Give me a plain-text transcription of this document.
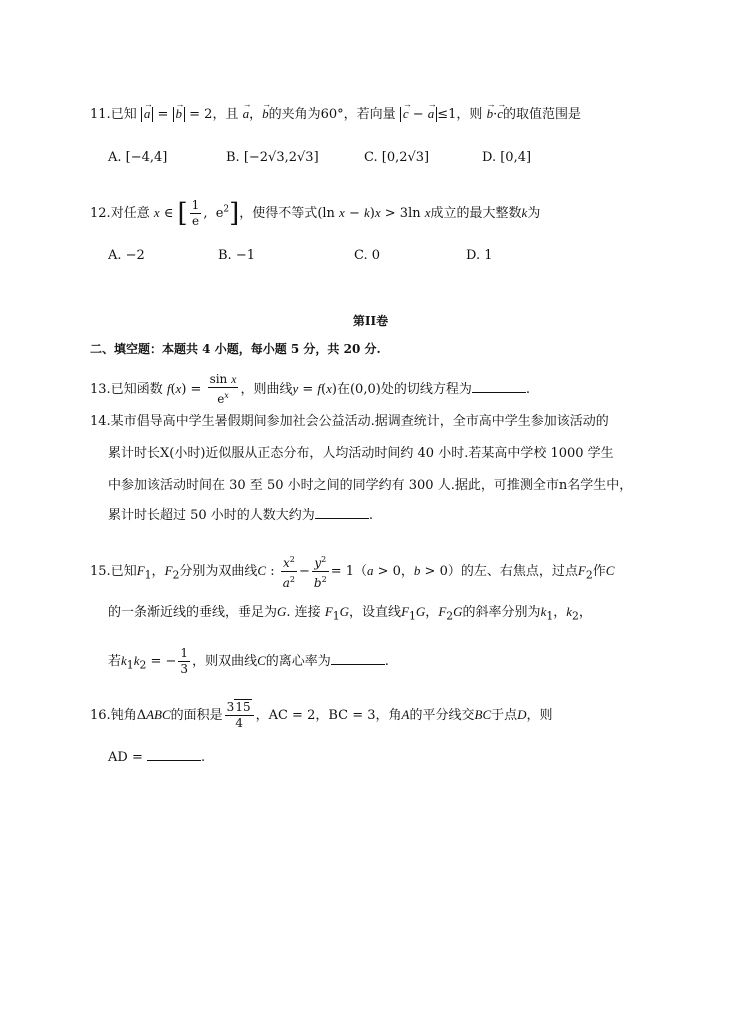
11.已知 → a = → b = 2，且 → a，→ b的夹角为60°，若向量 → c − → a ≤1，则 → b·→ c的取值范围是
A. [−4,4]	B. [−2√3,2√3]	C. [0,2√3]	D. [0,4]
12.对任意 x ∈ [ $\frac{1}{e}$ ,  $e^2$]，使得不等式(ln x − k)x > 3ln x成立的最大整数k为
A. −2	B. −1	C. 0	D. 1
第II卷
二、填空题：本题共 4 小题，每小题 5 分，共 20 分.
13.已知函数 $f(x) = \frac{\text{sin x}}{e^x}$ ，则曲线y = f(x)在(0,0)处的切线方程为	.
14.某市倡导高中学生暑假期间参加社会公益活动.据调查统计，全市高中学生参加该活动的
累计时长X(小时)近似服从正态分布，人均活动时间约 40 小时.若某高中学校 1000 学生
中参加该活动时间在 30 至 50 小时之间的同学约有 300 人.据此，可推测全市n名学生中，
累计时长超过 50 小时的人数大约为	.
15.已知$F_1$，$F_2$分别为双曲线C : $\frac{x^2}{a^2} - \frac{y^2}{b^2} = 1(a > 0$，b > 0）的左、右焦点，过点$F_2$作C
的一条渐近线的垂线，垂足为G. 连接 $F_1G$，设直线$F_1G$，$F_2G$的斜率分别为$k_1$，$k_2$，
若$k_1k_2$ = − $\frac{1}{3}$ ，则双曲线C的离心率为	.
16.钝角ΔABC的面积是 $\frac{315}{4}$ ，AC = 2，BC = 3，角A的平分线交BC于点D，则
AD =	.
